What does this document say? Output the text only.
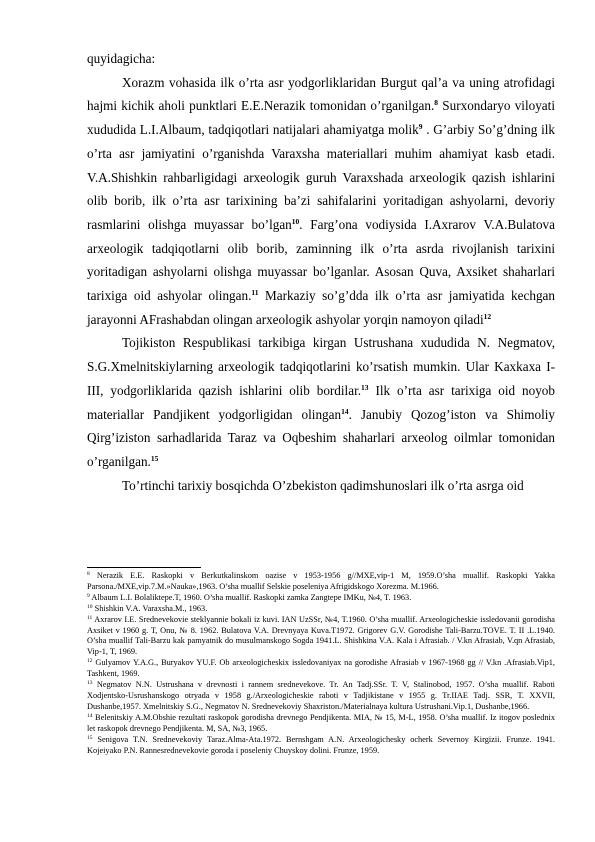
quyidagicha:

Xorazm vohasida ilk o’rta asr yodgorliklaridan Burgut qal’a va uning atrofidagi hajmi kichik aholi punktlari E.E.Nerazik tomonidan o’rganilgan.$^8$ Surxondaryo viloyati xududida L.I.Albaum, tadqiqotlari natijalari ahamiyatga molik$^9$ . G’arbiy So’g’dning ilk o’rta asr jamiyatini o’rganishda Varaxsha materiallari muhim ahamiyat kasb etadi. V.A.Shishkin rahbarligidagi arxeologik guruh Varaxshada arxeologik qazish ishlarini olib borib, ilk o’rta asr tarixining ba’zi sahifalarini yoritadigan ashyolarni, devoriy rasmlarini olishga muyassar bo’lgan$^{10}$. Farg’ona vodiysida I.Axrarov V.A.Bulatova arxeologik tadqiqotlarni olib borib, zaminning ilk o’rta asrda rivojlanish tarixini yoritadigan ashyolarni olishga muyassar bo’lganlar. Asosan Quva, Axsiket shaharlari tarixiga oid ashyolar olingan.$^{11}$ Markaziy so’g’dda ilk o’rta asr jamiyatida kechgan jarayonni AFrashabdan olingan arxeologik ashyolar yorqin namoyon qiladi$^{12}$

Tojikiston Respublikasi tarkibiga kirgan Ustrushana xududida N. Negmatov, S.G.Xmelnitskiylarning arxeologik tadqiqotlarini ko’rsatish mumkin. Ular Kaxkaxa I-III, yodgorliklarida qazish ishlarini olib bordilar.$^{13}$ Ilk o’rta asr tarixiga oid noyob materiallar Pandjikent yodgorligidan olingan$^{14}$. Janubiy Qozog’iston va Shimoliy Qirg’iziston sarhadlarida Taraz va Oqbeshim shaharlari arxeolog oilmlar tomonidan o’rganilgan.$^{15}$

To’rtinchi tarixiy bosqichda O’zbekiston qadimshunoslari ilk o’rta asrga oid

$^8$ Nerazik E.E. Raskopki v Berkutkalinskom oazise v 1953-1956 g//MXE,vip-1 M, 1959.O’sha muallif. Raskopki Yakka Parsona./MXE,vip.7.M.»Nauka»,1963. O’sha muallif Selskie poseleniya Afrigidskogo Xorezma. M.1966.
$^9$ Albaum L.I. Bolaliktepe.T, 1960. O’sha muallif. Raskopki zamka Zangtepe IMKu, №4, T. 1963.
$^{10}$ Shishkin V.A. Varaxsha.M., 1963.
$^{11}$ Axrarov I.E. Srednevekovie steklyannie bokali iz kuvi. IAN UzSSr, №4, T.1960. O’sha muallif. Arxeologicheskie issledovanii gorodisha Axsiket v 1960 g. T, Onu, № 8. 1962. Bulatova V.A. Drevnyaya Kuva.T1972. Grigorev G.V. Gorodishe Tali-Barzu.TOVE. T. II .L.1940. O’sha muallif Tali-Barzu kak pamyatnik do musulmanskogo Sogda 1941.L. Shishkina V.A. Kala i Afrasiab. / V.kn Afrasiab, V.qn Afrasiab, Vip-1, T, 1969.
$^{12}$ Gulyamov Y.A.G., Buryakov YU.F. Ob arxeologicheskix issledovaniyax na gorodishe Afrasiab v 1967-1968 gg // V.kn .Afrasiab.Vip1, Tashkent, 1969.
$^{13}$ Negmatov N.N. Ustrushana v drevnosti i rannem srednevekove. Tr. An Tadj.SSr. T. V, Stalinobod, 1957. O’sha muallif. Raboti Xodjentsko-Usrushanskogo otryada v 1958 g./Arxeologicheskie raboti v Tadjikistane v 1955 g. Tr.IIAE Tadj. SSR, T. XXVII, Dushanbe,1957. Xmelnitskiy S.G., Negmatov N. Srednevekoviy Shaxriston./Materialnaya kultura Ustrushani.Vip.1, Dushanbe,1966.
$^{14}$ Belenitskiy A.M.Obshie rezultati raskopok gorodisha drevnego Pendjikenta. MIA, № 15, M-L, 1958. O’sha muallif. Iz itogov poslednix let raskopok drevnego Pendjikenta. M, SA, №3, 1965.
$^{15}$ Senigova T.N. Srednevekoviy Taraz.Alma-Ata.1972. Bernshgam A.N. Arxeologichesky ocherk Severnoy Kirgizii. Frunze. 1941. Kojeiyako P.N. Rannesrednevekovie goroda i poseleniy Chuyskoy dolini. Frunze, 1959.
